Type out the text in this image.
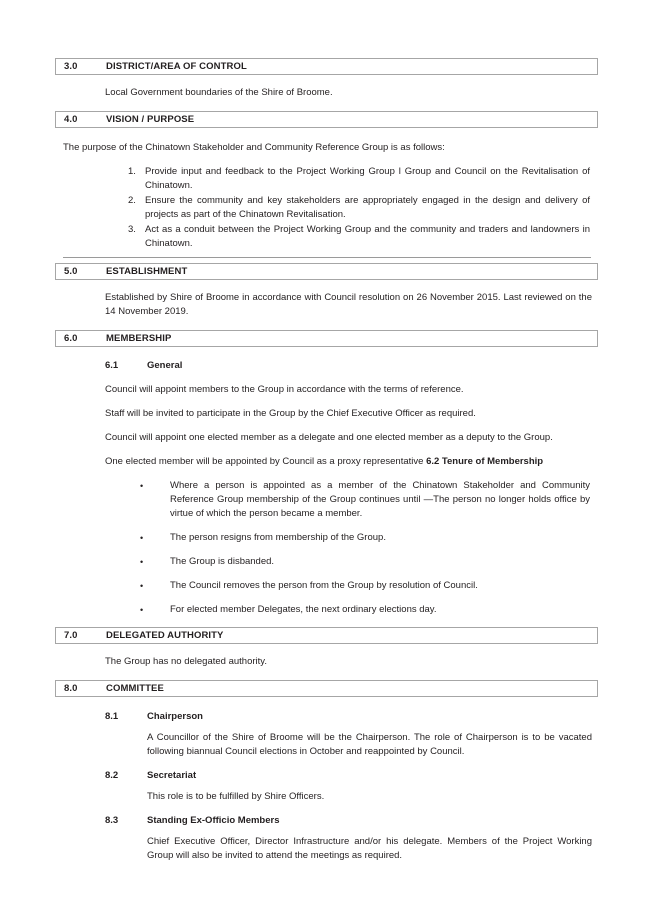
3.0	DISTRICT/AREA OF CONTROL

Local Government boundaries of the Shire of Broome.

4.0	VISION / PURPOSE

The purpose of the Chinatown Stakeholder and Community Reference Group is as follows:

1. Provide input and feedback to the Project Working Group l Group and Council on the Revitalisation of Chinatown.
2. Ensure the community and key stakeholders are appropriately engaged in the design and delivery of projects as part of the Chinatown Revitalisation.
3. Act as a conduit between the Project Working Group and the community and traders and landowners in Chinatown.
5.0	ESTABLISHMENT

Established by Shire of Broome in accordance with Council resolution on 26 November 2015. Last reviewed on the 14 November 2019.

6.0	MEMBERSHIP
6.1	General

Council will appoint members to the Group in accordance with the terms of reference.

Staff will be invited to participate in the Group by the Chief Executive Officer as required.

Council will appoint one elected member as a delegate and one elected member as a deputy to the Group.

One elected member will be appointed by Council as a proxy representative 6.2 Tenure of Membership

•	Where a person is appointed as a member of the Chinatown Stakeholder and Community Reference Group membership of the Group continues until —The person no longer holds office by virtue of which the person became a member.
•	The person resigns from membership of the Group.
•	The Group is disbanded.
•	The Council removes the person from the Group by resolution of Council.
•	For elected member Delegates, the next ordinary elections day.
7.0	DELEGATED AUTHORITY

The Group has no delegated authority.

8.0	COMMITTEE
8.1	Chairperson

A Councillor of the Shire of Broome will be the Chairperson. The role of Chairperson is to be vacated following biannual Council elections in October and reappointed by Council.

8.2	Secretariat

This role is to be fulfilled by Shire Officers.

8.3	Standing Ex-Officio Members

Chief Executive Officer, Director Infrastructure and/or his delegate. Members of the Project Working Group will also be invited to attend the meetings as required.
